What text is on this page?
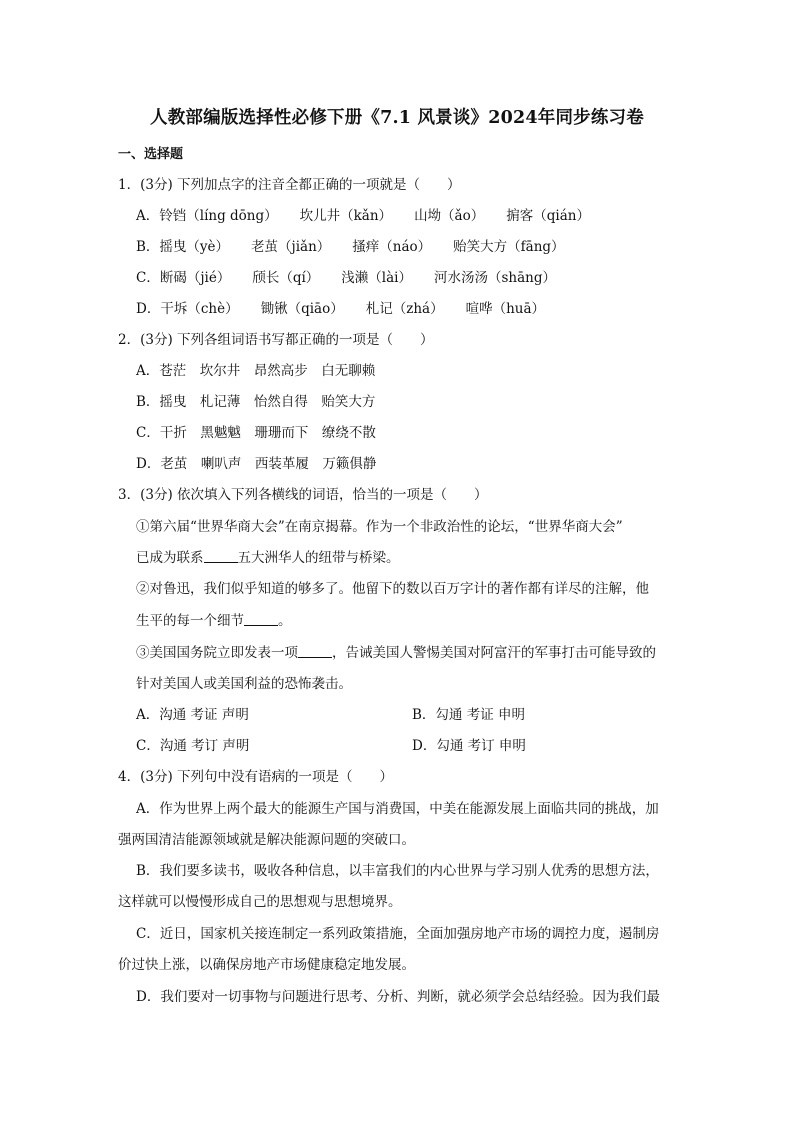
人教部编版选择性必修下册《7.1 风景谈》2024年同步练习卷
一、选择题
1．(3分) 下列加点字的注音全都正确的一项就是（　　）
A．铃铛（líng dōng） 坎儿井（kǎn） 山坳（ǎo） 掮客（qián）
B．摇曳（yè） 老茧（jiǎn） 搔痒（náo） 贻笑大方（fāng）
C．断碣（jié） 颀长（qí） 浅濑（lài） 河水汤汤（shāng）
D．干坼（chè） 锄锹（qiāo） 札记（zhá） 喧哗（huā）
2．(3分) 下列各组词语书写都正确的一项是（　　）
A．苍茫　坎尔井　昂然高步　白无聊赖
B．摇曳　札记薄　怡然自得　贻笑大方
C．干折　黑魆魆　珊珊而下　缭绕不散
D．老茧　喇叭声　西装革履　万籁俱静
3．(3分) 依次填入下列各横线的词语，恰当的一项是（　　）
①第六届“世界华商大会”在南京揭幕。作为一个非政治性的论坛，“世界华商大会”
已成为联系	五大洲华人的纽带与桥梁。
②对鲁迅，我们似乎知道的够多了。他留下的数以百万字计的著作都有详尽的注解，他
生平的每一个细节	。
③美国国务院立即发表一项	，告诫美国人警惕美国对阿富汗的军事打击可能导致的
针对美国人或美国利益的恐怖袭击。
A．沟通 考证 声明	B．勾通 考证 申明
C．沟通 考订 声明	D．勾通 考订 申明
4．(3分) 下列句中没有语病的一项是（　　）
A．作为世界上两个最大的能源生产国与消费国，中美在能源发展上面临共同的挑战，加
强两国清洁能源领域就是解决能源问题的突破口。
B．我们要多读书，吸收各种信息，以丰富我们的内心世界与学习别人优秀的思想方法，
这样就可以慢慢形成自己的思想观与思想境界。
C．近日，国家机关接连制定一系列政策措施，全面加强房地产市场的调控力度，遏制房
价过快上涨，以确保房地产市场健康稳定地发展。
D．我们要对一切事物与问题进行思考、分析、判断，就必须学会总结经验。因为我们最
